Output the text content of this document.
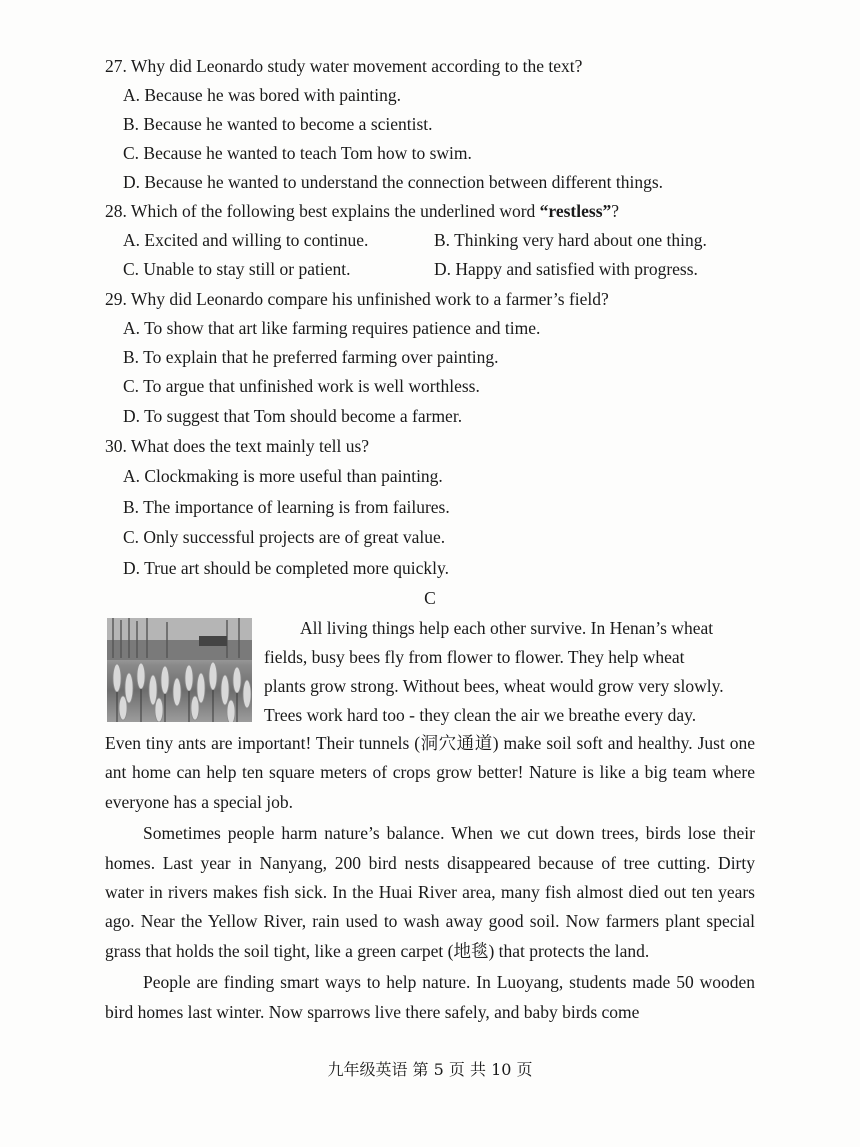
27. Why did Leonardo study water movement according to the text?
A. Because he was bored with painting.
B. Because he wanted to become a scientist.
C. Because he wanted to teach Tom how to swim.
D. Because he wanted to understand the connection between different things.
28. Which of the following best explains the underlined word “restless”?
A. Excited and willing to continue.	B. Thinking very hard about one thing.
C. Unable to stay still or patient.	D. Happy and satisfied with progress.
29. Why did Leonardo compare his unfinished work to a farmer’s field?
A. To show that art like farming requires patience and time.
B. To explain that he preferred farming over painting.
C. To argue that unfinished work is well worthless.
D. To suggest that Tom should become a farmer.
30. What does the text mainly tell us?
A. Clockmaking is more useful than painting.
B. The importance of learning is from failures.
C. Only successful projects are of great value.
D. True art should be completed more quickly.
C
All living things help each other survive. In Henan’s wheat
fields, busy bees fly from flower to flower. They help wheat
plants grow strong. Without bees, wheat would grow very slowly.
Trees work hard too - they clean the air we breathe every day.

Even tiny ants are important! Their tunnels (洞穴通道) make soil soft and healthy. Just one ant home can help ten square meters of crops grow better! Nature is like a big team where everyone has a special job.

Sometimes people harm nature’s balance. When we cut down trees, birds lose their homes. Last year in Nanyang, 200 bird nests disappeared because of tree cutting. Dirty water in rivers makes fish sick. In the Huai River area, many fish almost died out ten years ago. Near the Yellow River, rain used to wash away good soil. Now farmers plant special grass that holds the soil tight, like a green carpet (地毯) that protects the land.

People are finding smart ways to help nature. In Luoyang, students made 50 wooden bird homes last winter. Now sparrows live there safely, and baby birds come

九年级英语 第 5 页 共 10 页
